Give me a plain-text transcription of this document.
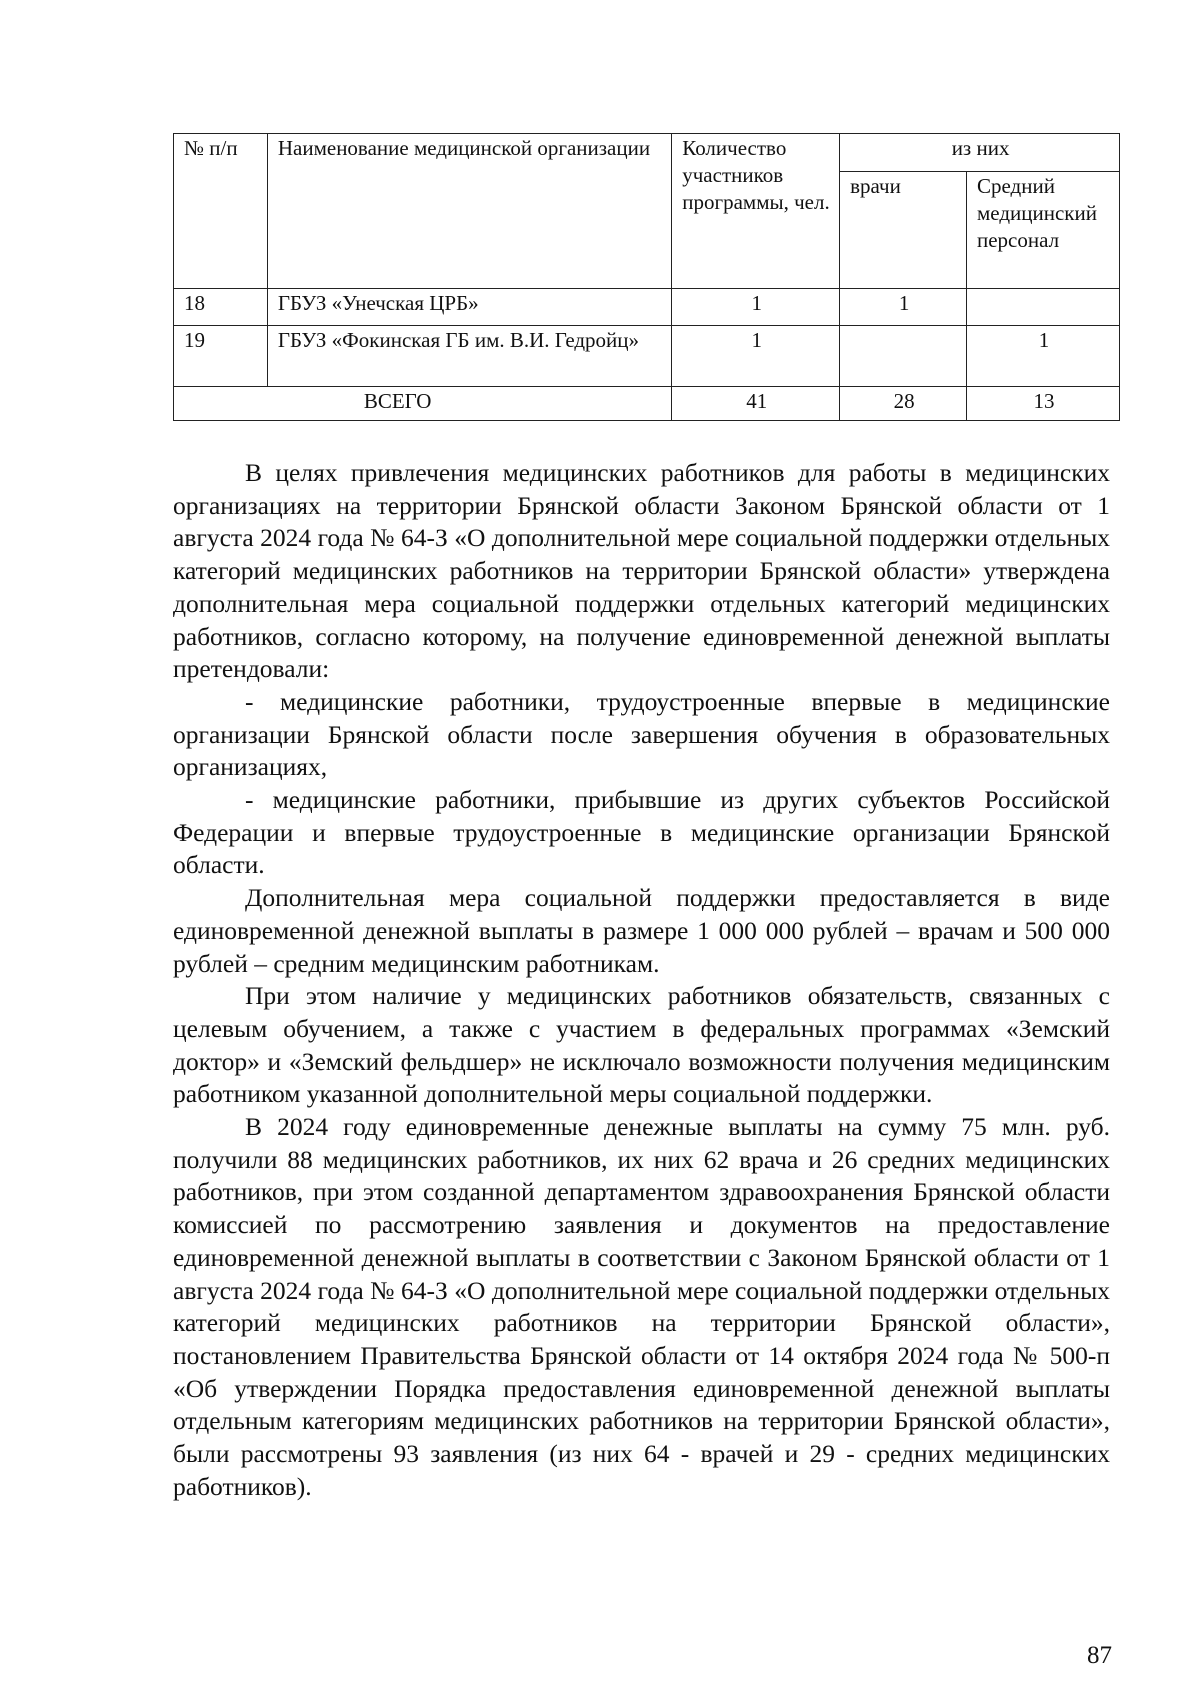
№ п/п	Наименование медицинской организации	Количество участников программы, чел.	из них	
			врачи	Средний медицинский персонал
18	ГБУЗ «Унечская ЦРБ»	1	1	
19	ГБУЗ «Фокинская ГБ им. В.И. Гедройц»	1		1
ВСЕГО		41	28	13

В целях привлечения медицинских работников для работы в медицинских организациях на территории Брянской области Законом Брянской области от 1 августа 2024 года № 64-З «О дополнительной мере социальной поддержки отдельных категорий медицинских работников на территории Брянской области» утверждена дополнительная мера социальной поддержки отдельных категорий медицинских работников, согласно которому, на получение единовременной денежной выплаты претендовали:

- медицинские работники, трудоустроенные впервые в медицинские организации Брянской области после завершения обучения в образовательных организациях,

- медицинские работники, прибывшие из других субъектов Российской Федерации и впервые трудоустроенные в медицинские организации Брянской области.

Дополнительная мера социальной поддержки предоставляется в виде единовременной денежной выплаты в размере 1 000 000 рублей – врачам и 500 000 рублей – средним медицинским работникам.

При этом наличие у медицинских работников обязательств, связанных с целевым обучением, а также с участием в федеральных программах «Земский доктор» и «Земский фельдшер» не исключало возможности получения медицинским работником указанной дополнительной меры социальной поддержки.

В 2024 году единовременные денежные выплаты на сумму 75 млн. руб. получили 88 медицинских работников, их них 62 врача и 26 средних медицинских работников, при этом созданной департаментом здравоохранения Брянской области комиссией по рассмотрению заявления и документов на предоставление единовременной денежной выплаты в соответствии с Законом Брянской области от 1 августа 2024 года № 64-З «О дополнительной мере социальной поддержки отдельных категорий медицинских работников на территории Брянской области», постановлением Правительства Брянской области от 14 октября 2024 года № 500-п «Об утверждении Порядка предоставления единовременной денежной выплаты отдельным категориям медицинских работников на территории Брянской области», были рассмотрены 93 заявления (из них 64 - врачей и 29 - средних медицинских работников).

87
